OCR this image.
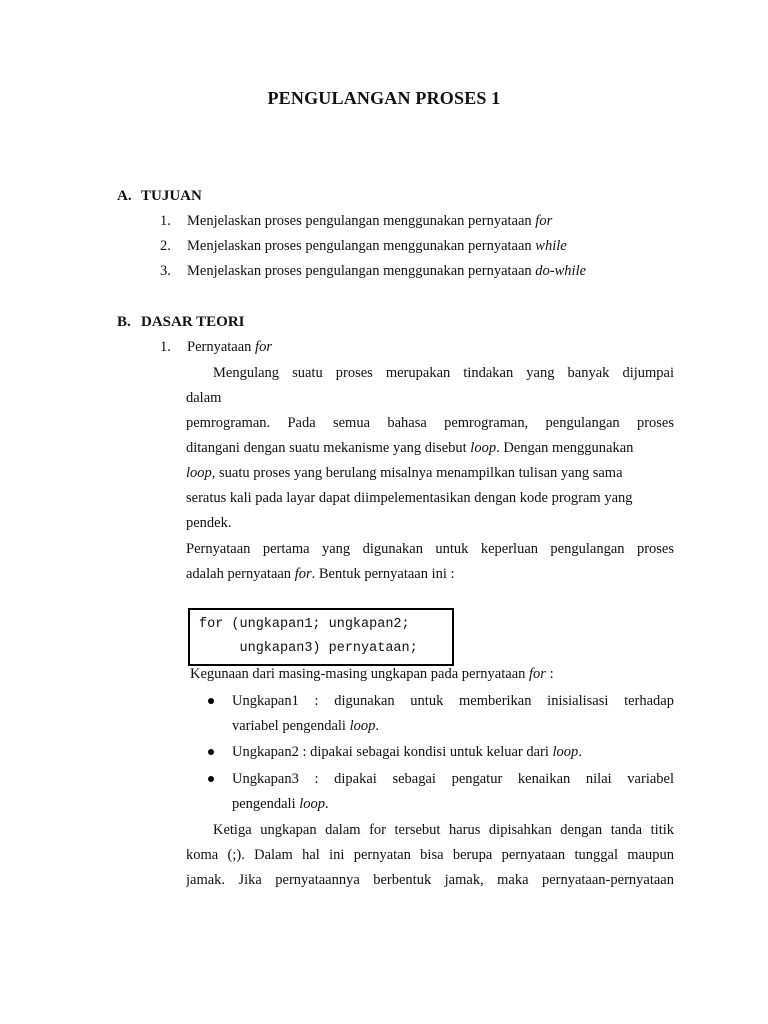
PENGULANGAN PROSES 1
A. TUJUAN
1. Menjelaskan proses pengulangan menggunakan pernyataan for
2. Menjelaskan proses pengulangan menggunakan pernyataan while
3. Menjelaskan proses pengulangan menggunakan pernyataan do-while
B. DASAR TEORI
1. Pernyataan for
Mengulang suatu proses merupakan tindakan yang banyak dijumpai
dalam
pemrograman. Pada semua bahasa pemrograman, pengulangan proses
ditangani dengan suatu mekanisme yang disebut loop. Dengan menggunakan
loop, suatu proses yang berulang misalnya menampilkan tulisan yang sama
seratus kali pada layar dapat diimpelementasikan dengan kode program yang
pendek.
Pernyataan pertama yang digunakan untuk keperluan pengulangan proses
adalah pernyataan for. Bentuk pernyataan ini :
for (ungkapan1; ungkapan2;
ungkapan3) pernyataan;
Kegunaan dari masing-masing ungkapan pada pernyataan for :
Ungkapan1 : digunakan untuk memberikan inisialisasi terhadap
variabel pengendali loop.
Ungkapan2 : dipakai sebagai kondisi untuk keluar dari loop.
Ungkapan3 : dipakai sebagai pengatur kenaikan nilai variabel
pengendali loop.
Ketiga ungkapan dalam for tersebut harus dipisahkan dengan tanda titik
koma (;). Dalam hal ini pernyatan bisa berupa pernyataan tunggal maupun
jamak. Jika pernyataannya berbentuk jamak, maka pernyataan-pernyataan
